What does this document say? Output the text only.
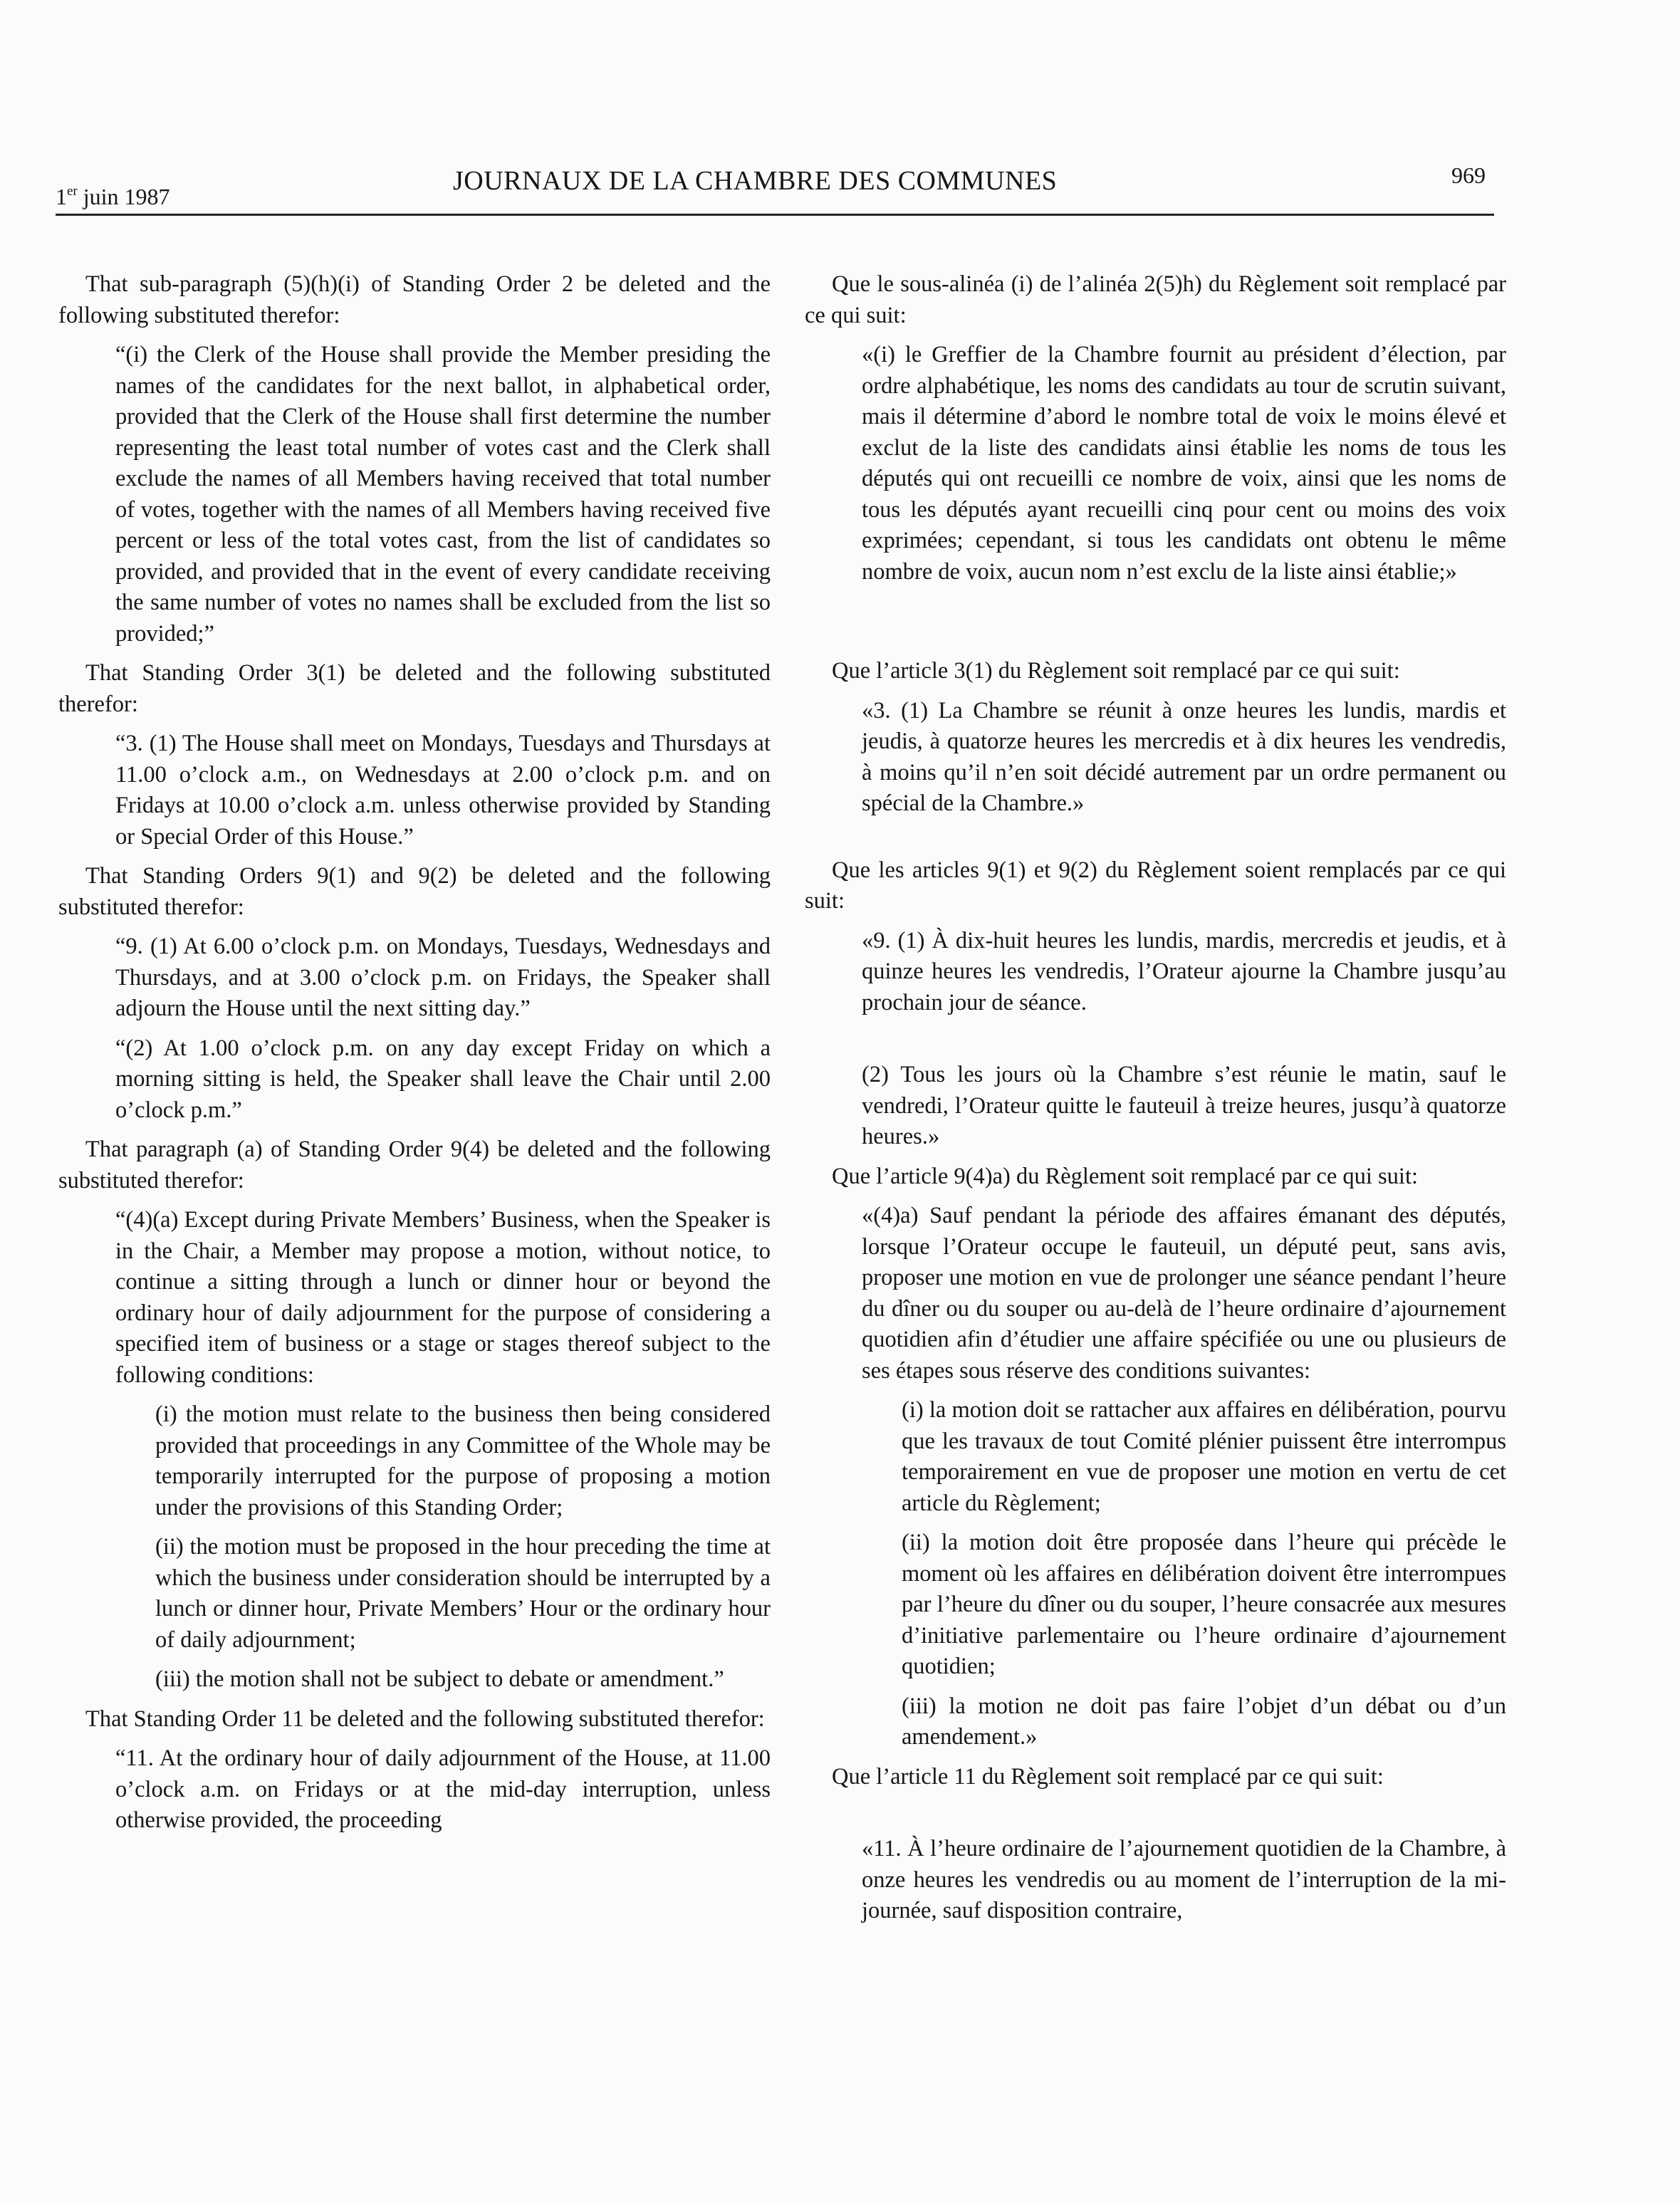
1er juin 1987
JOURNAUX DE LA CHAMBRE DES COMMUNES	969

That sub-paragraph (5)(h)(i) of Standing Order 2 be deleted and the following substituted therefor:

“(i) the Clerk of the House shall provide the Member presiding the names of the candidates for the next ballot, in alphabetical order, provided that the Clerk of the House shall first determine the number representing the least total number of votes cast and the Clerk shall exclude the names of all Members having received that total number of votes, together with the names of all Members having received five percent or less of the total votes cast, from the list of candidates so provided, and provided that in the event of every candidate receiving the same number of votes no names shall be excluded from the list so provided;”

That Standing Order 3(1) be deleted and the following substituted therefor:

“3. (1) The House shall meet on Mondays, Tuesdays and Thursdays at 11.00 o’clock a.m., on Wednesdays at 2.00 o’clock p.m. and on Fridays at 10.00 o’clock a.m. unless otherwise provided by Standing or Special Order of this House.”

That Standing Orders 9(1) and 9(2) be deleted and the following substituted therefor:

“9. (1) At 6.00 o’clock p.m. on Mondays, Tuesdays, Wednesdays and Thursdays, and at 3.00 o’clock p.m. on Fridays, the Speaker shall adjourn the House until the next sitting day.”

“(2) At 1.00 o’clock p.m. on any day except Friday on which a morning sitting is held, the Speaker shall leave the Chair until 2.00 o’clock p.m.”

That paragraph (a) of Standing Order 9(4) be deleted and the following substituted therefor:

“(4)(a) Except during Private Members’ Business, when the Speaker is in the Chair, a Member may propose a motion, without notice, to continue a sitting through a lunch or dinner hour or beyond the ordinary hour of daily adjournment for the purpose of considering a specified item of business or a stage or stages thereof subject to the following conditions:

(i) the motion must relate to the business then being considered provided that proceedings in any Committee of the Whole may be temporarily interrupted for the purpose of proposing a motion under the provisions of this Standing Order;

(ii) the motion must be proposed in the hour preceding the time at which the business under consideration should be interrupted by a lunch or dinner hour, Private Members’ Hour or the ordinary hour of daily adjournment;

(iii) the motion shall not be subject to debate or amendment.”

That Standing Order 11 be deleted and the following substituted therefor:

“11. At the ordinary hour of daily adjournment of the House, at 11.00 o’clock a.m. on Fridays or at the mid-day interruption, unless otherwise provided, the proceeding

Que le sous-alinéa (i) de l’alinéa 2(5)h) du Règlement soit remplacé par ce qui suit:

«(i) le Greffier de la Chambre fournit au président d’élection, par ordre alphabétique, les noms des candidats au tour de scrutin suivant, mais il détermine d’abord le nombre total de voix le moins élevé et exclut de la liste des candidats ainsi établie les noms de tous les députés qui ont recueilli ce nombre de voix, ainsi que les noms de tous les députés ayant recueilli cinq pour cent ou moins des voix exprimées; cependant, si tous les candidats ont obtenu le même nombre de voix, aucun nom n’est exclu de la liste ainsi établie;»

Que l’article 3(1) du Règlement soit remplacé par ce qui suit:

«3. (1) La Chambre se réunit à onze heures les lundis, mardis et jeudis, à quatorze heures les mercredis et à dix heures les vendredis, à moins qu’il n’en soit décidé autrement par un ordre permanent ou spécial de la Chambre.»

Que les articles 9(1) et 9(2) du Règlement soient remplacés par ce qui suit:

«9. (1) À dix-huit heures les lundis, mardis, mercredis et jeudis, et à quinze heures les vendredis, l’Orateur ajourne la Chambre jusqu’au prochain jour de séance.

(2) Tous les jours où la Chambre s’est réunie le matin, sauf le vendredi, l’Orateur quitte le fauteuil à treize heures, jusqu’à quatorze heures.»

Que l’article 9(4)a) du Règlement soit remplacé par ce qui suit:

«(4)a) Sauf pendant la période des affaires émanant des députés, lorsque l’Orateur occupe le fauteuil, un député peut, sans avis, proposer une motion en vue de prolonger une séance pendant l’heure du dîner ou du souper ou au-delà de l’heure ordinaire d’ajournement quotidien afin d’étudier une affaire spécifiée ou une ou plusieurs de ses étapes sous réserve des conditions suivantes:

(i) la motion doit se rattacher aux affaires en délibération, pourvu que les travaux de tout Comité plénier puissent être interrompus temporairement en vue de proposer une motion en vertu de cet article du Règlement;

(ii) la motion doit être proposée dans l’heure qui précède le moment où les affaires en délibération doivent être interrompues par l’heure du dîner ou du souper, l’heure consacrée aux mesures d’initiative parlementaire ou l’heure ordinaire d’ajournement quotidien;

(iii) la motion ne doit pas faire l’objet d’un débat ou d’un amendement.»

Que l’article 11 du Règlement soit remplacé par ce qui suit:

«11. À l’heure ordinaire de l’ajournement quotidien de la Chambre, à onze heures les vendredis ou au moment de l’interruption de la mi-journée, sauf disposition contraire,
